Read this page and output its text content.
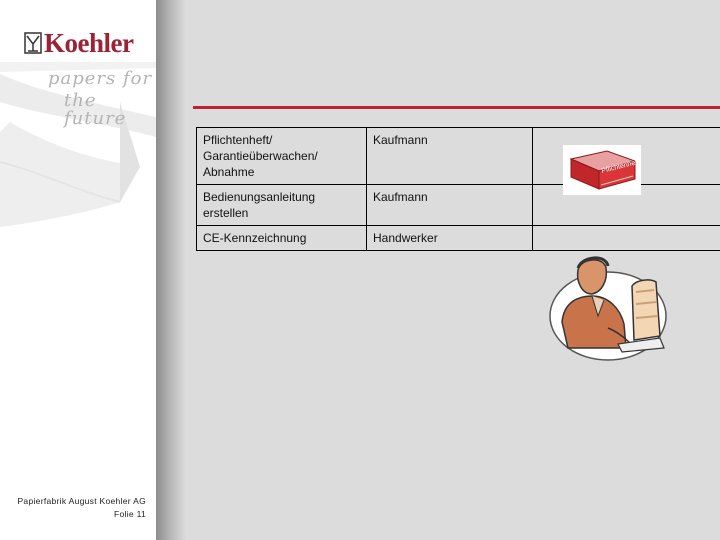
Koehler
papers for
the future
Papierfabrik August Koehler AG
Folie 11
Pflichtenheft/
Garantieüberwachen/
Abnahme	Kaufmann	
Bedienungsanleitung
erstellen	Kaufmann	
CE-Kennzeichnung	Handwerker	
Pflichtenheft
